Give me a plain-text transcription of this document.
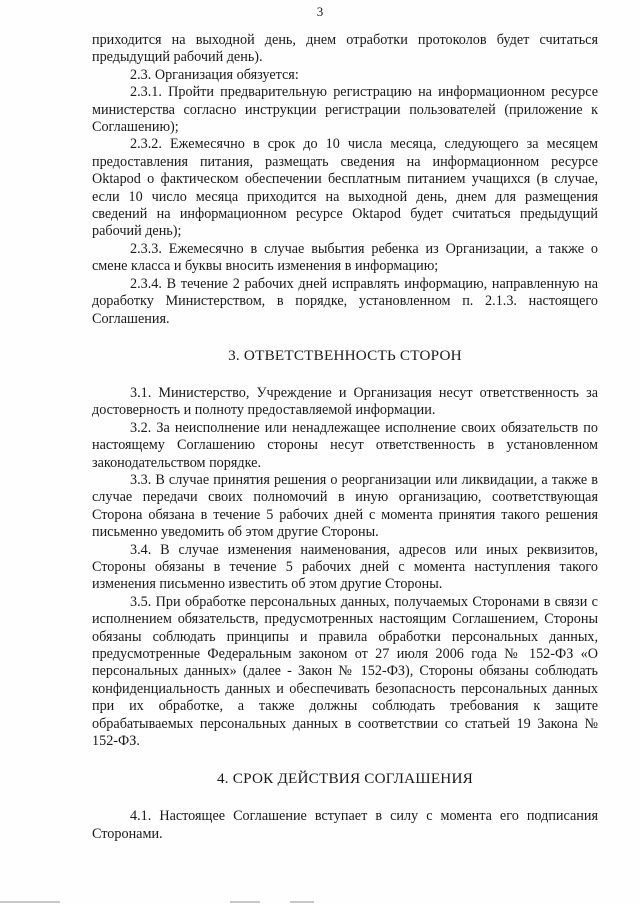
3

приходится на выходной день, днем отработки протоколов будет считаться предыдущий рабочий день).

2.3. Организация обязуется:

2.3.1. Пройти предварительную регистрацию на информационном ресурсе министерства согласно инструкции регистрации пользователей (приложение к Соглашению);

2.3.2. Ежемесячно в срок до 10 числа месяца, следующего за месяцем предоставления питания, размещать сведения на информационном ресурсе Oktapod о фактическом обеспечении бесплатным питанием учащихся (в случае, если 10 число месяца приходится на выходной день, днем для размещения сведений на информационном ресурсе Oktapod будет считаться предыдущий рабочий день);

2.3.3. Ежемесячно в случае выбытия ребенка из Организации, а также о смене класса и буквы вносить изменения в информацию;

2.3.4. В течение 2 рабочих дней исправлять информацию, направленную на доработку Министерством, в порядке, установленном п. 2.1.3. настоящего Соглашения.

3. ОТВЕТСТВЕННОСТЬ СТОРОН

3.1. Министерство, Учреждение и Организация несут ответственность за достоверность и полноту предоставляемой информации.

3.2. За неисполнение или ненадлежащее исполнение своих обязательств по настоящему Соглашению стороны несут ответственность в установленном законодательством порядке.

3.3. В случае принятия решения о реорганизации или ликвидации, а также в случае передачи своих полномочий в иную организацию, соответствующая Сторона обязана в течение 5 рабочих дней с момента принятия такого решения письменно уведомить об этом другие Стороны.

3.4. В случае изменения наименования, адресов или иных реквизитов, Стороны обязаны в течение 5 рабочих дней с момента наступления такого изменения письменно известить об этом другие Стороны.

3.5. При обработке персональных данных, получаемых Сторонами в связи с исполнением обязательств, предусмотренных настоящим Соглашением, Стороны обязаны соблюдать принципы и правила обработки персональных данных, предусмотренные Федеральным законом от 27 июля 2006 года № 152-ФЗ «О персональных данных» (далее - Закон № 152-ФЗ), Стороны обязаны соблюдать конфиденциальность данных и обеспечивать безопасность персональных данных при их обработке, а также должны соблюдать требования к защите обрабатываемых персональных данных в соответствии со статьей 19 Закона № 152-ФЗ.

4. СРОК ДЕЙСТВИЯ СОГЛАШЕНИЯ

4.1. Настоящее Соглашение вступает в силу с момента его подписания Сторонами.
